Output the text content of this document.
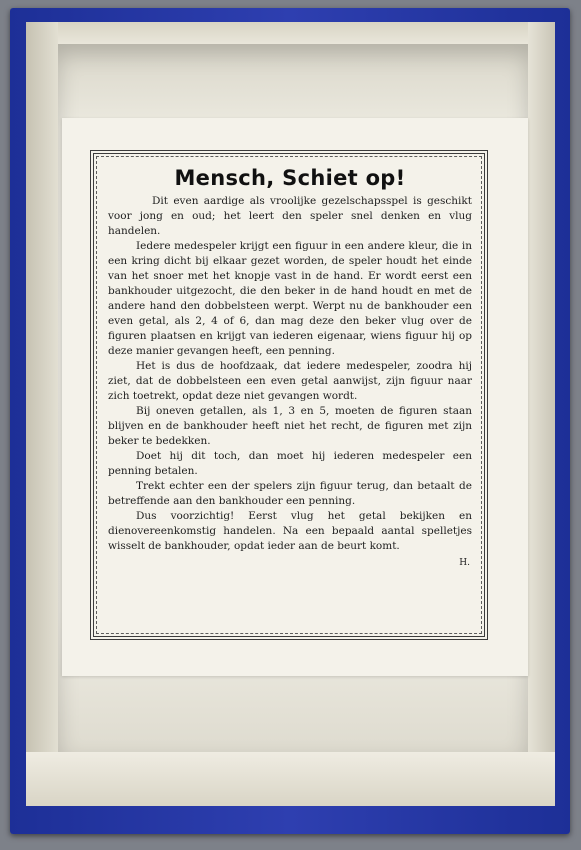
Mensch, Schiet op!

Dit even aardige als vroolijke gezelschapsspel is geschikt voor jong en oud; het leert den speler snel denken en vlug handelen.

Iedere medespeler krijgt een figuur in een andere kleur, die in een kring dicht bij elkaar gezet worden, de speler houdt het einde van het snoer met het knopje vast in de hand. Er wordt eerst een bankhouder uitgezocht, die den beker in de hand houdt en met de andere hand den dobbelsteen werpt. Werpt nu de bankhouder een even getal, als 2, 4 of 6, dan mag deze den beker vlug over de figuren plaatsen en krijgt van iederen eigenaar, wiens figuur hij op deze manier gevangen heeft, een penning.

Het is dus de hoofdzaak, dat iedere medespeler, zoodra hij ziet, dat de dobbelsteen een even getal aanwijst, zijn figuur naar zich toetrekt, opdat deze niet gevangen wordt.

Bij oneven getallen, als 1, 3 en 5, moeten de figuren staan blijven en de bankhouder heeft niet het recht, de figuren met zijn beker te bedekken.

Doet hij dit toch, dan moet hij iederen medespeler een penning betalen.

Trekt echter een der spelers zijn figuur terug, dan betaalt de betreffende aan den bankhouder een penning.

Dus voorzichtig! Eerst vlug het getal bekijken en dienovereenkomstig handelen. Na een bepaald aantal spelletjes wisselt de bankhouder, opdat ieder aan de beurt komt.

H.
